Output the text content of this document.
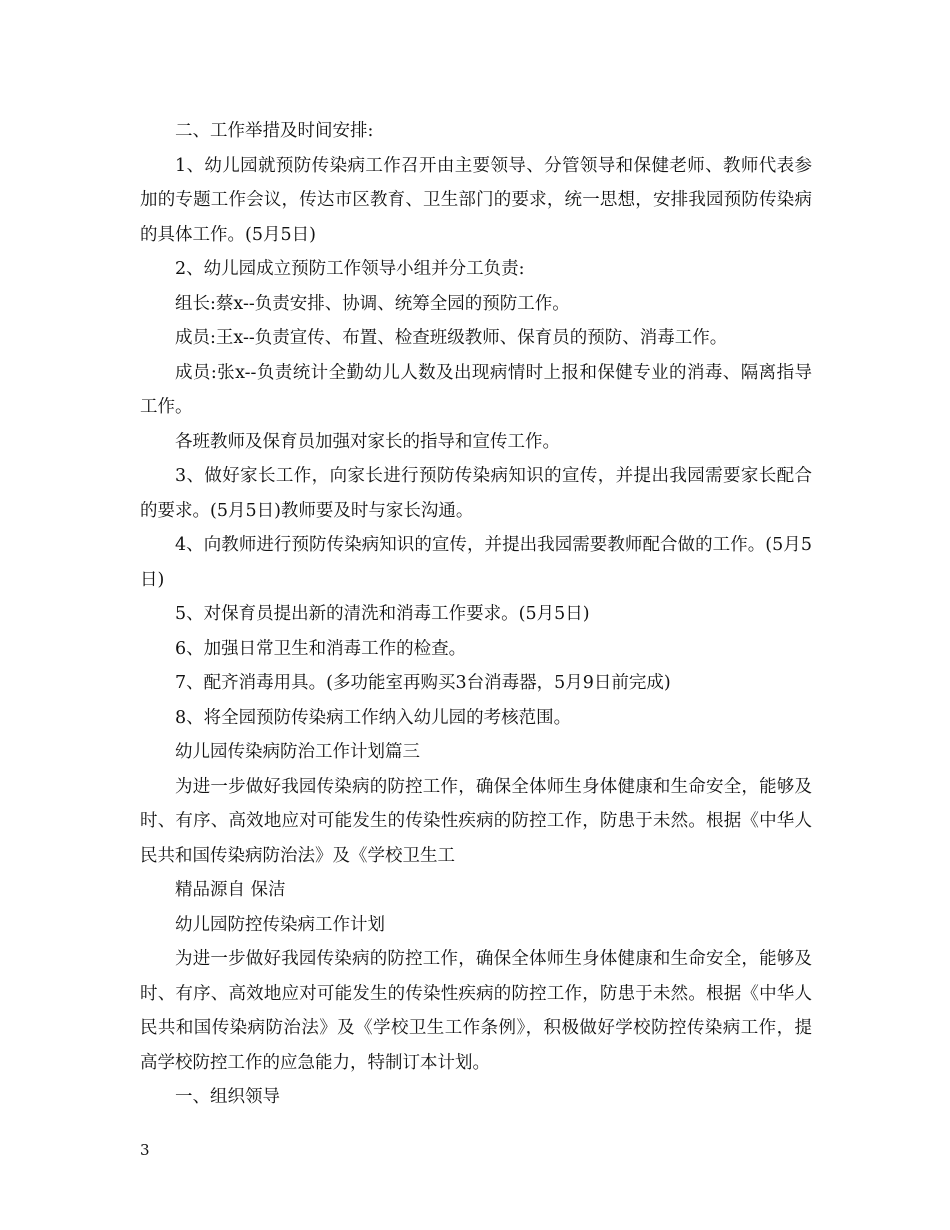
二、工作举措及时间安排:

1、幼儿园就预防传染病工作召开由主要领导、分管领导和保健老师、教师代表参加的专题工作会议，传达市区教育、卫生部门的要求，统一思想，安排我园预防传染病的具体工作。(5月5日)

2、幼儿园成立预防工作领导小组并分工负责:

组长:蔡x--负责安排、协调、统筹全园的预防工作。

成员:王x--负责宣传、布置、检查班级教师、保育员的预防、消毒工作。

成员:张x--负责统计全勤幼儿人数及出现病情时上报和保健专业的消毒、隔离指导工作。

各班教师及保育员加强对家长的指导和宣传工作。

3、做好家长工作，向家长进行预防传染病知识的宣传，并提出我园需要家长配合的要求。(5月5日)教师要及时与家长沟通。

4、向教师进行预防传染病知识的宣传，并提出我园需要教师配合做的工作。(5月5日)

5、对保育员提出新的清洗和消毒工作要求。(5月5日)

6、加强日常卫生和消毒工作的检查。

7、配齐消毒用具。(多功能室再购买3台消毒器，5月9日前完成)

8、将全园预防传染病工作纳入幼儿园的考核范围。

幼儿园传染病防治工作计划篇三

为进一步做好我园传染病的防控工作，确保全体师生身体健康和生命安全，能够及时、有序、高效地应对可能发生的传染性疾病的防控工作，防患于未然。根据《中华人民共和国传染病防治法》及《学校卫生工

精品源自 保洁

幼儿园防控传染病工作计划

为进一步做好我园传染病的防控工作，确保全体师生身体健康和生命安全，能够及时、有序、高效地应对可能发生的传染性疾病的防控工作，防患于未然。根据《中华人民共和国传染病防治法》及《学校卫生工作条例》，积极做好学校防控传染病工作，提高学校防控工作的应急能力，特制订本计划。

一、组织领导

3
